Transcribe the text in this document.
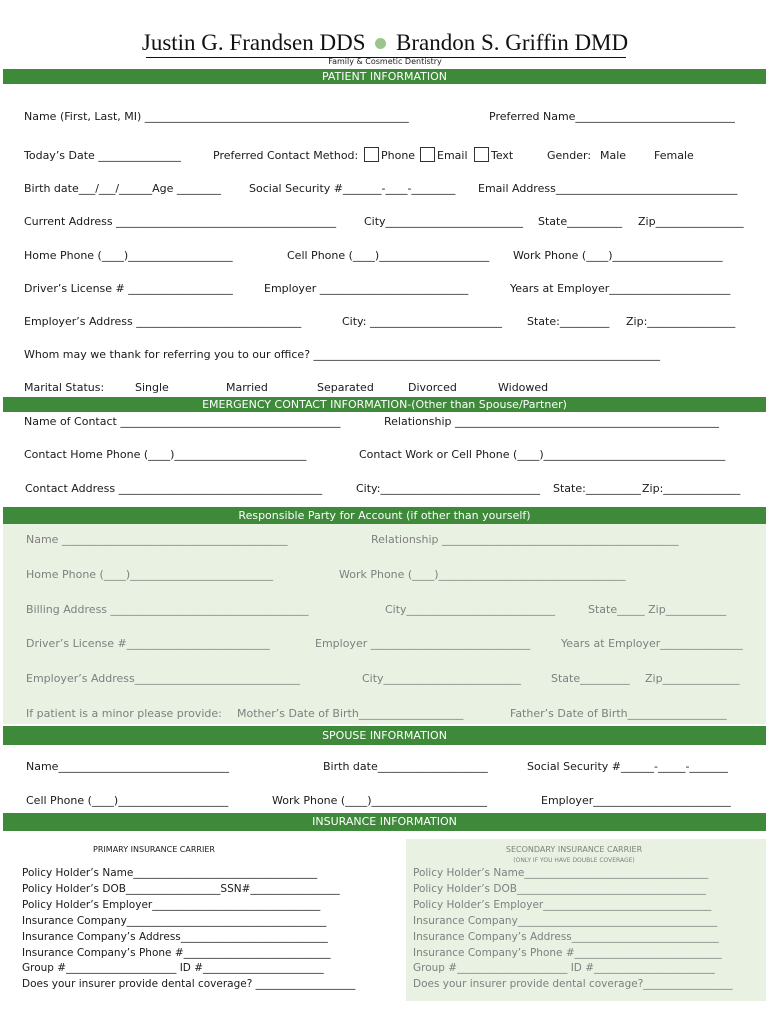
Justin G. Frandsen DDS Brandon S. Griffin DMD
Family & Cosmetic Dentistry
PATIENT INFORMATION
Name (First, Last, MI) ________________________________________________	Preferred Name_____________________________
Today’s Date _______________	Preferred Contact Method: Phone Email Text	Gender: Male	Female
Birth date___/___/______Age ________	Social Security #_______-____-________ Email Address_________________________________
Current Address ________________________________________	City_________________________ State__________ Zip________________
Home Phone (____)___________________	Cell Phone (____)____________________ Work Phone (____)____________________
Driver’s License # ___________________	Employer ___________________________	Years at Employer______________________
Employer’s Address ______________________________	City: ________________________ State:_________ Zip:________________
Whom may we thank for referring you to our office? _______________________________________________________________
Marital Status:	Single	Married	Separated	Divorced	Widowed
EMERGENCY CONTACT INFORMATION-(Other than Spouse/Partner)
Name of Contact ________________________________________	Relationship ________________________________________________
Contact Home Phone (____)________________________	Contact Work or Cell Phone (____)_________________________________
Contact Address _____________________________________	City:_____________________________ State:__________ Zip:______________
Responsible Party for Account (if other than yourself)
Name _________________________________________	Relationship ___________________________________________
Home Phone (____)__________________________	Work Phone (____)__________________________________
Billing Address ____________________________________	City___________________________	State_____ Zip___________
Driver’s License #__________________________	Employer _____________________________	Years at Employer_______________
Employer’s Address______________________________	City_________________________	State_________ Zip______________
If patient is a minor please provide: Mother’s Date of Birth___________________	Father’s Date of Birth__________________
SPOUSE INFORMATION
Name_______________________________	Birth date____________________	Social Security #______-_____-_______
Cell Phone (____)____________________	Work Phone (____)_____________________	Employer_________________________
INSURANCE INFORMATION
PRIMARY INSURANCE CARRIER	SECONDARY INSURANCE CARRIER
(ONLY IF YOU HAVE DOUBLE COVERAGE)
Policy Holder’s Name___________________________________
Policy Holder’s DOB__________________SSN#_________________
Policy Holder’s Employer________________________________
Insurance Company______________________________________
Insurance Company’s Address____________________________
Insurance Company’s Phone #____________________________
Group #_____________________ ID #_______________________
Does your insurer provide dental coverage? ___________________
Policy Holder’s Name___________________________________
Policy Holder’s DOB____________________________________
Policy Holder’s Employer________________________________
Insurance Company______________________________________
Insurance Company’s Address____________________________
Insurance Company’s Phone #____________________________
Group #_____________________ ID #_______________________
Does your insurer provide dental coverage?_________________
